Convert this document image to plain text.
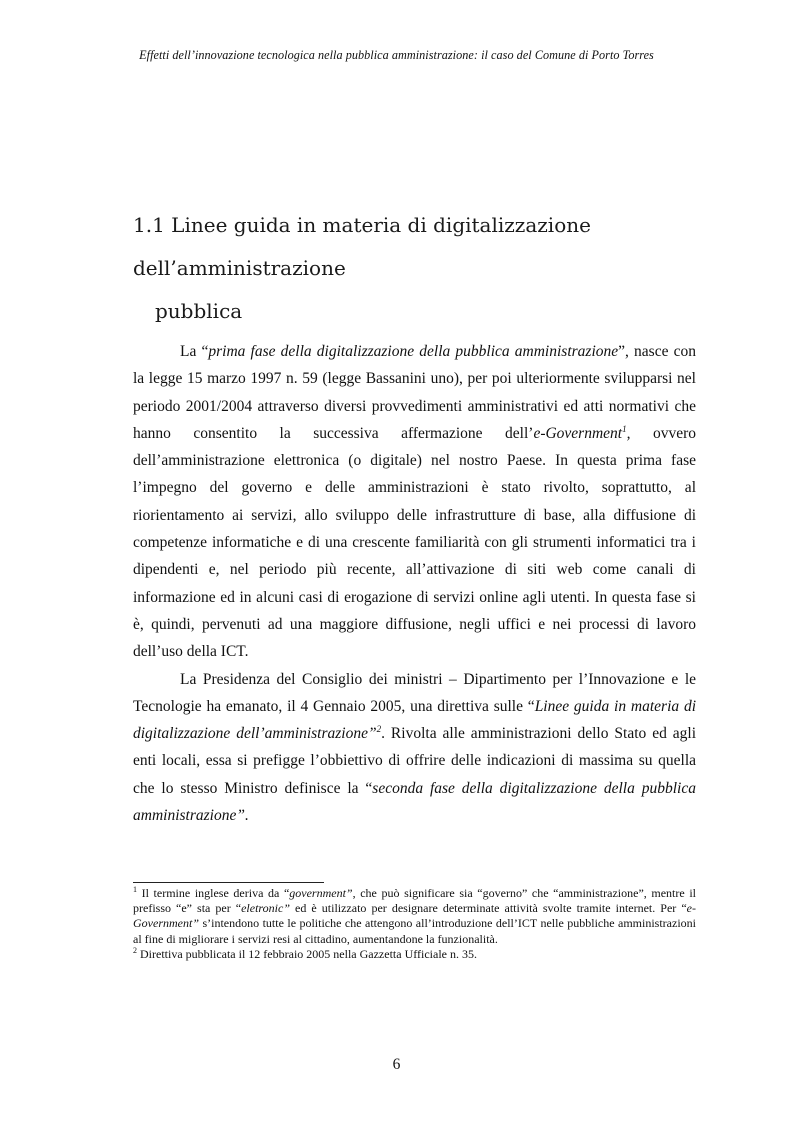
Effetti dell’innovazione tecnologica nella pubblica amministrazione: il caso del Comune di Porto Torres
1.1 Linee guida in materia di digitalizzazione dell’amministrazione
pubblica

La “prima fase della digitalizzazione della pubblica amministrazione”, nasce con la legge 15 marzo 1997 n. 59 (legge Bassanini uno), per poi ulteriormente svilupparsi nel periodo 2001/2004 attraverso diversi provvedimenti amministrativi ed atti normativi che hanno consentito la successiva affermazione dell’e-Government$^1$, ovvero dell’amministrazione elettronica (o digitale) nel nostro Paese. In questa prima fase l’impegno del governo e delle amministrazioni è stato rivolto, soprattutto, al riorientamento ai servizi, allo sviluppo delle infrastrutture di base, alla diffusione di competenze informatiche e di una crescente familiarità con gli strumenti informatici tra i dipendenti e, nel periodo più recente, all’attivazione di siti web come canali di informazione ed in alcuni casi di erogazione di servizi online agli utenti. In questa fase si è, quindi, pervenuti ad una maggiore diffusione, negli uffici e nei processi di lavoro dell’uso della ICT.

La Presidenza del Consiglio dei ministri – Dipartimento per l’Innovazione e le Tecnologie ha emanato, il 4 Gennaio 2005, una direttiva sulle “Linee guida in materia di digitalizzazione dell’amministrazione”$^2$. Rivolta alle amministrazioni dello Stato ed agli enti locali, essa si prefigge l’obbiettivo di offrire delle indicazioni di massima su quella che lo stesso Ministro definisce la “seconda fase della digitalizzazione della pubblica amministrazione”.

$^1$ Il termine inglese deriva da “government”, che può significare sia “governo” che “amministrazione”, mentre il prefisso “e” sta per “eletronic” ed è utilizzato per designare determinate attività svolte tramite internet. Per “e-Government” s’intendono tutte le politiche che attengono all’introduzione dell’ICT nelle pubbliche amministrazioni al fine di migliorare i servizi resi al cittadino, aumentandone la funzionalità.

$^2$ Direttiva pubblicata il 12 febbraio 2005 nella Gazzetta Ufficiale n. 35.

6
